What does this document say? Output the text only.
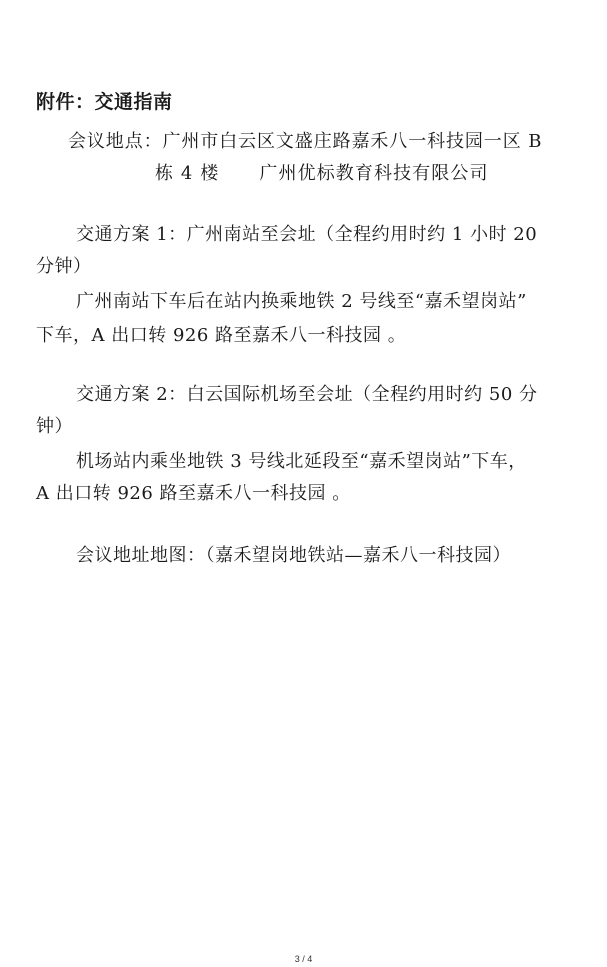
附件：交通指南
会议地点：广州市白云区文盛庄路嘉禾八一科技园一区 B
栋 4 楼 广州优标教育科技有限公司
交通方案 1：广州南站至会址（全程约用时约 1 小时 20
分钟）
广州南站下车后在站内换乘地铁 2 号线至“嘉禾望岗站”
下车，A 出口转 926 路至嘉禾八一科技园 。
交通方案 2：白云国际机场至会址（全程约用时约 50 分
钟）
机场站内乘坐地铁 3 号线北延段至“嘉禾望岗站”下车，
A 出口转 926 路至嘉禾八一科技园 。
会议地址地图：（嘉禾望岗地铁站—嘉禾八一科技园）
3 / 4
